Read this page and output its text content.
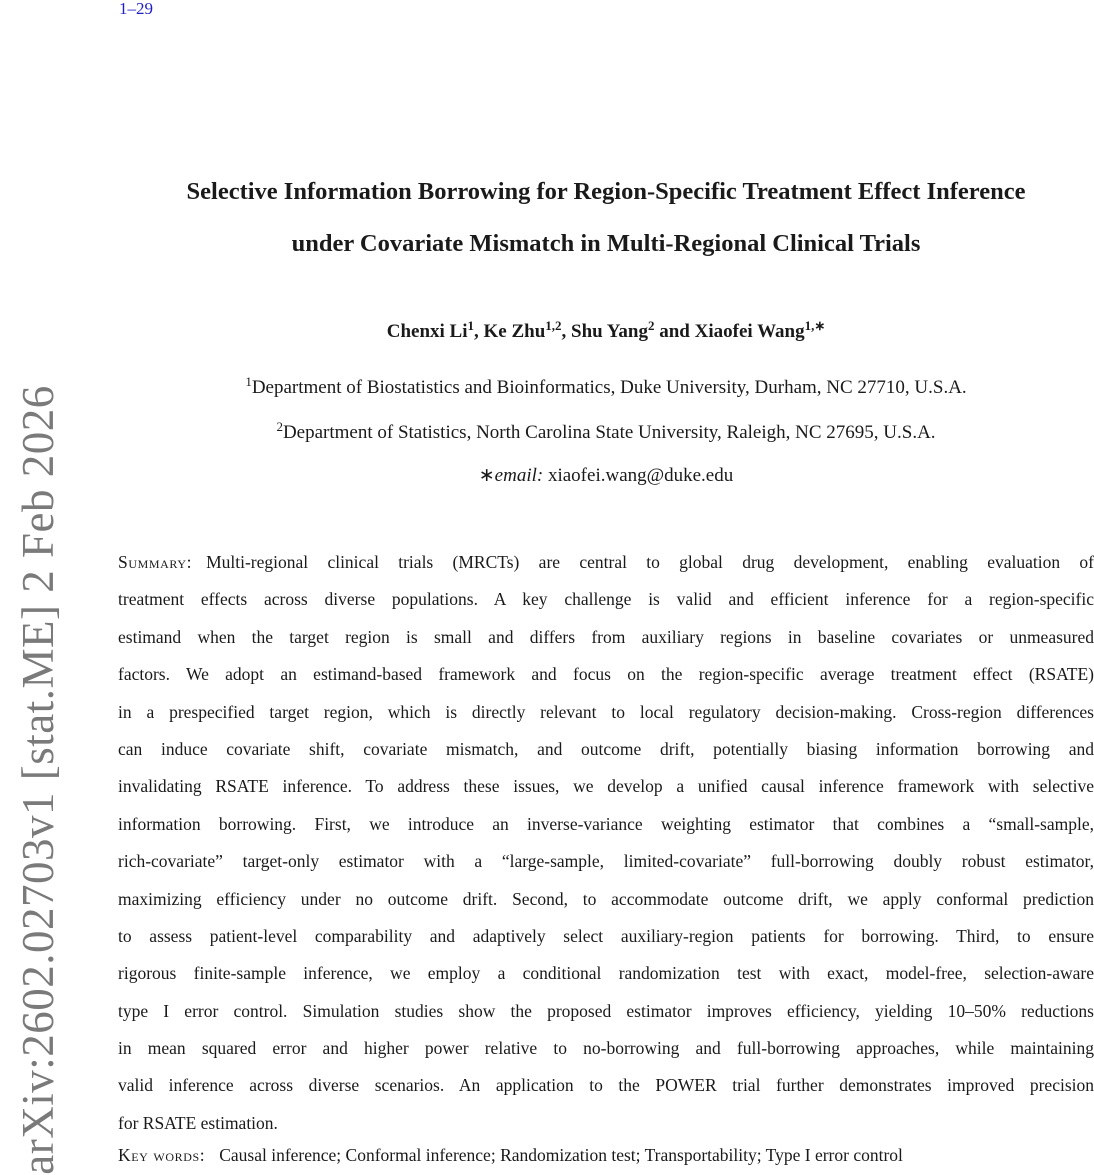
1–29
arXiv:2602.02703v1 [stat.ME] 2 Feb 2026
Selective Information Borrowing for Region-Specific Treatment Effect Inference
under Covariate Mismatch in Multi-Regional Clinical Trials
Chenxi Li$^1$, Ke Zhu$^{1,2}$, Shu Yang$^2$ and Xiaofei Wang$^{1,∗}$
$^1$Department of Biostatistics and Bioinformatics, Duke University, Durham, NC 27710, U.S.A.
$^2$Department of Statistics, North Carolina State University, Raleigh, NC 27695, U.S.A.
∗email: xiaofei.wang@duke.edu
Summary: Multi-regional clinical trials (MRCTs) are central to global drug development, enabling evaluation of
treatment effects across diverse populations. A key challenge is valid and efficient inference for a region-specific
estimand when the target region is small and differs from auxiliary regions in baseline covariates or unmeasured
factors. We adopt an estimand-based framework and focus on the region-specific average treatment effect (RSATE)
in a prespecified target region, which is directly relevant to local regulatory decision-making. Cross-region differences
can induce covariate shift, covariate mismatch, and outcome drift, potentially biasing information borrowing and
invalidating RSATE inference. To address these issues, we develop a unified causal inference framework with selective
information borrowing. First, we introduce an inverse-variance weighting estimator that combines a “small-sample,
rich-covariate” target-only estimator with a “large-sample, limited-covariate” full-borrowing doubly robust estimator,
maximizing efficiency under no outcome drift. Second, to accommodate outcome drift, we apply conformal prediction
to assess patient-level comparability and adaptively select auxiliary-region patients for borrowing. Third, to ensure
rigorous finite-sample inference, we employ a conditional randomization test with exact, model-free, selection-aware
type I error control. Simulation studies show the proposed estimator improves efficiency, yielding 10–50% reductions
in mean squared error and higher power relative to no-borrowing and full-borrowing approaches, while maintaining
valid inference across diverse scenarios. An application to the POWER trial further demonstrates improved precision
for RSATE estimation.
Key words: Causal inference; Conformal inference; Randomization test; Transportability; Type I error control
